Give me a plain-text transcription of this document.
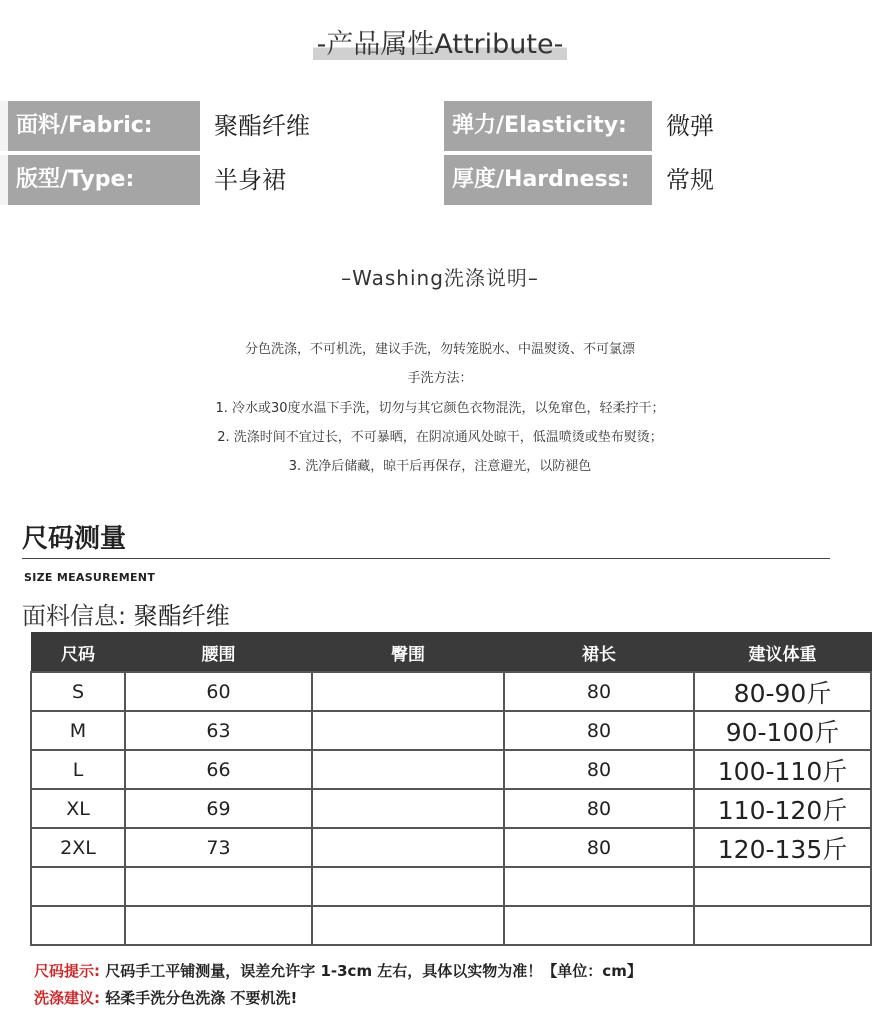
-产品属性Attribute-
面料/Fabric:	聚酯纤维	弹力/Elasticity:	微弹
版型/Type:	半身裙	厚度/Hardness:	常规
–Washing洗涤说明–
分色洗涤，不可机洗，建议手洗，勿转笼脱水、中温熨烫、不可氯漂
手洗方法：
1. 冷水或30度水温下手洗，切勿与其它颜色衣物混洗，以免窜色，轻柔拧干；
2. 洗涤时间不宜过长，不可暴晒，在阴凉通风处晾干，低温喷烫或垫布熨烫；
3. 洗净后储藏，晾干后再保存，注意避光，以防褪色
尺码测量
SIZE MEASUREMENT
面料信息: 聚酯纤维
尺码	腰围	臀围	裙长	建议体重
S	60		80	80-90斤
M	63		80	90-100斤
L	66		80	100-110斤
XL	69		80	110-120斤
2XL	73		80	120-135斤

尺码提示: 尺码手工平铺测量，误差允许字 1-3cm 左右，具体以实物为准！【单位：cm】
洗涤建议: 轻柔手洗分色洗涤 不要机洗!
